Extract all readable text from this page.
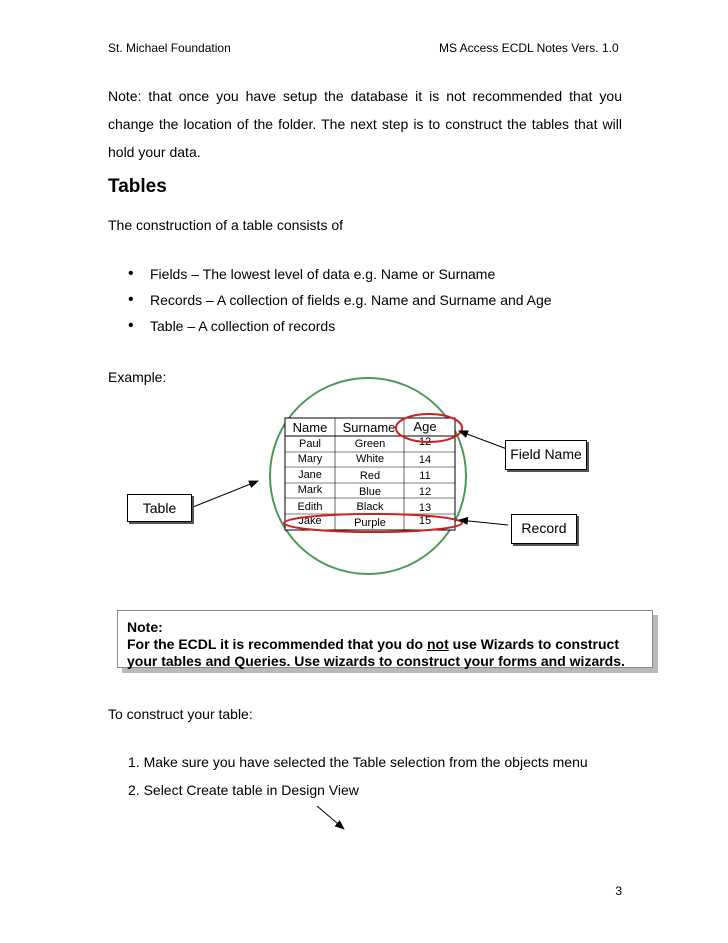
St. Michael Foundation	MS Access ECDL Notes Vers. 1.0
Note: that once you have setup the database it is not recommended that you change the location of the folder. The next step is to construct the tables that will hold your data.
Tables
The construction of a table consists of
• Fields – The lowest level of data e.g. Name or Surname
• Records – A collection of fields e.g. Name and Surname and Age
• Table – A collection of records
Example:
Name Surname Age
Paul	Green	12
Mary	White	14
Jane	Red	11
Mark	Blue	12
Edith	Black	13
Jake	Purple	15
Table
Field Name
Record
Note:
For the ECDL it is recommended that you do not use Wizards to construct
your tables and Queries. Use wizards to construct your forms and wizards.
To construct your table:
1. Make sure you have selected the Table selection from the objects menu
2. Select Create table in Design View
3
